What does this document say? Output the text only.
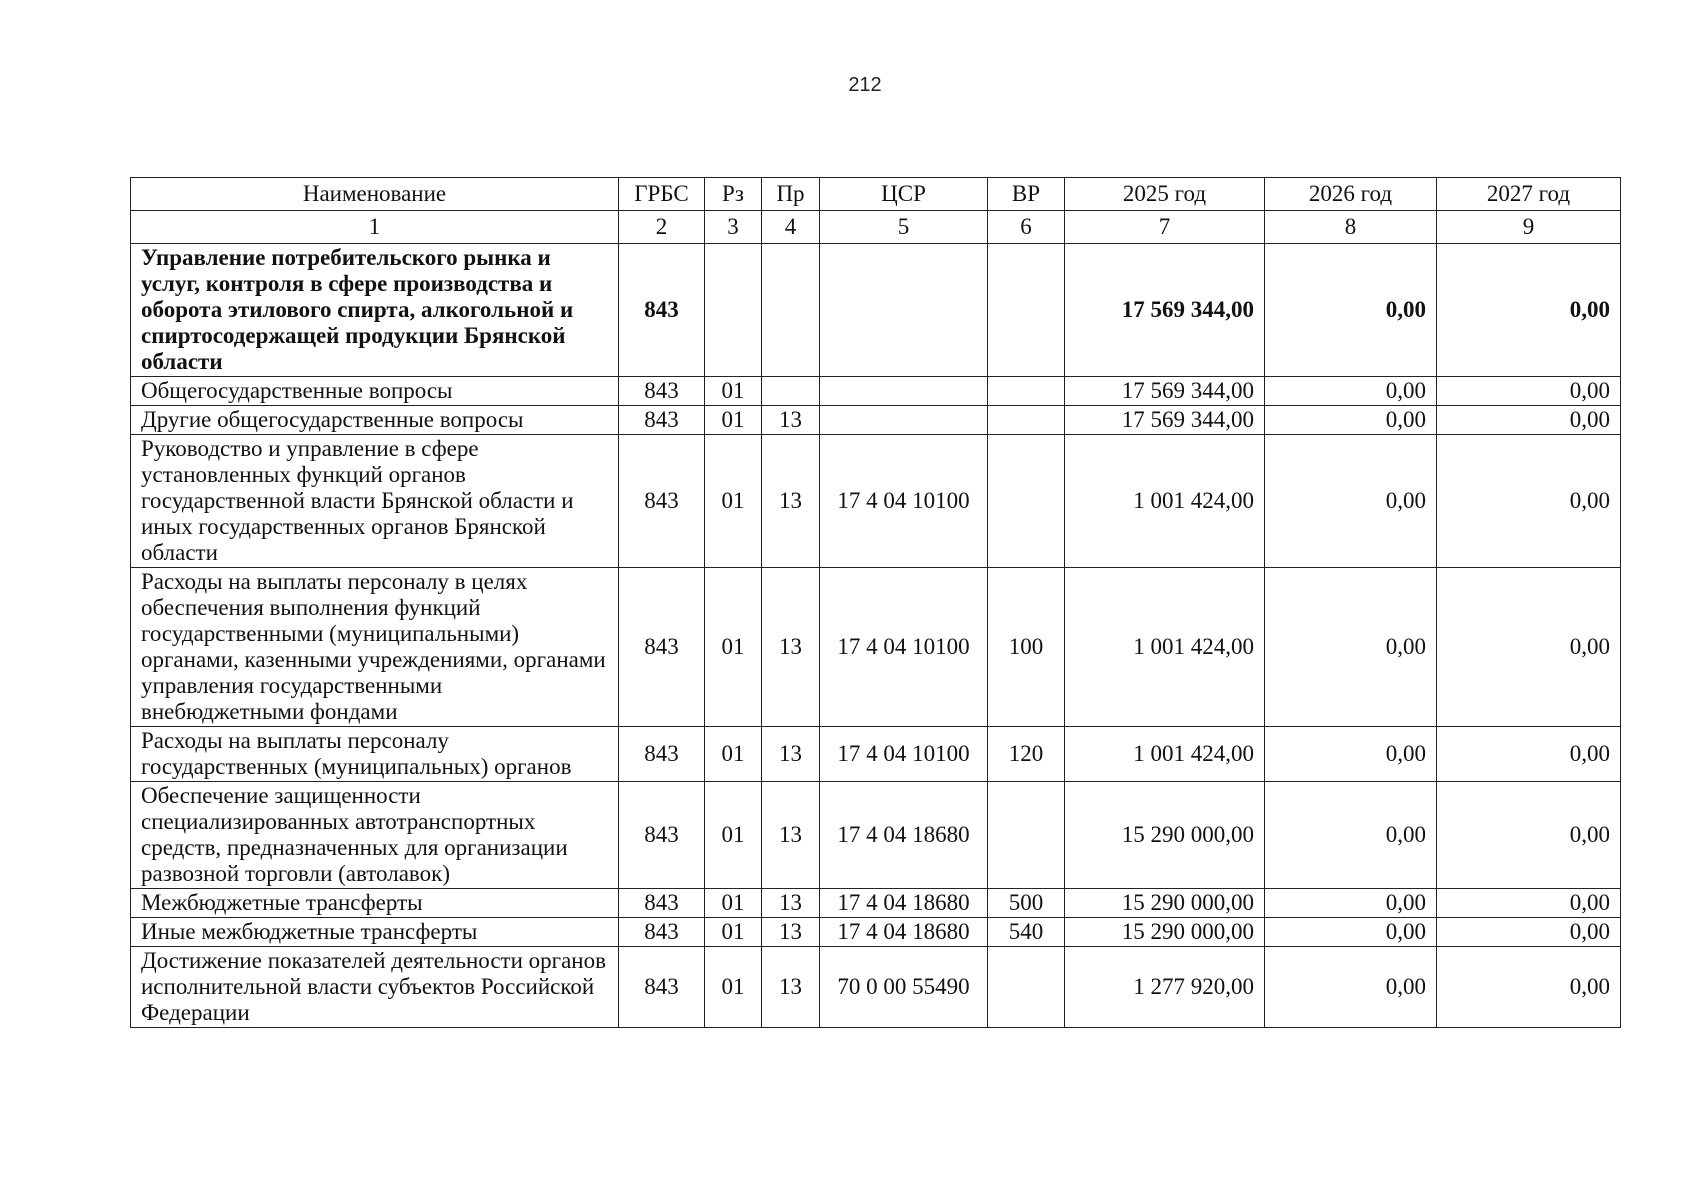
212
Наименование	ГРБС	Рз	Пр	ЦСР	ВР	2025 год	2026 год	2027 год
1	2	3	4	5	6	7	8	9
Управление потребительского рынка и услуг, контроля в сфере производства и оборота этилового спирта, алкогольной и спиртосодержащей продукции Брянской области	843					17 569 344,00	0,00	0,00
Общегосударственные вопросы	843	01				17 569 344,00	0,00	0,00
Другие общегосударственные вопросы	843	01	13			17 569 344,00	0,00	0,00
Руководство и управление в сфере установленных функций органов государственной власти Брянской области и иных государственных органов Брянской области	843	01	13	17 4 04 10100		1 001 424,00	0,00	0,00
Расходы на выплаты персоналу в целях обеспечения выполнения функций государственными (муниципальными) органами, казенными учреждениями, органами управления государственными внебюджетными фондами	843	01	13	17 4 04 10100	100	1 001 424,00	0,00	0,00
Расходы на выплаты персоналу государственных (муниципальных) органов	843	01	13	17 4 04 10100	120	1 001 424,00	0,00	0,00
Обеспечение защищенности специализированных автотранспортных средств, предназначенных для организации развозной торговли (автолавок)	843	01	13	17 4 04 18680		15 290 000,00	0,00	0,00
Межбюджетные трансферты	843	01	13	17 4 04 18680	500	15 290 000,00	0,00	0,00
Иные межбюджетные трансферты	843	01	13	17 4 04 18680	540	15 290 000,00	0,00	0,00
Достижение показателей деятельности органов исполнительной власти субъектов Российской Федерации	843	01	13	70 0 00 55490		1 277 920,00	0,00	0,00
